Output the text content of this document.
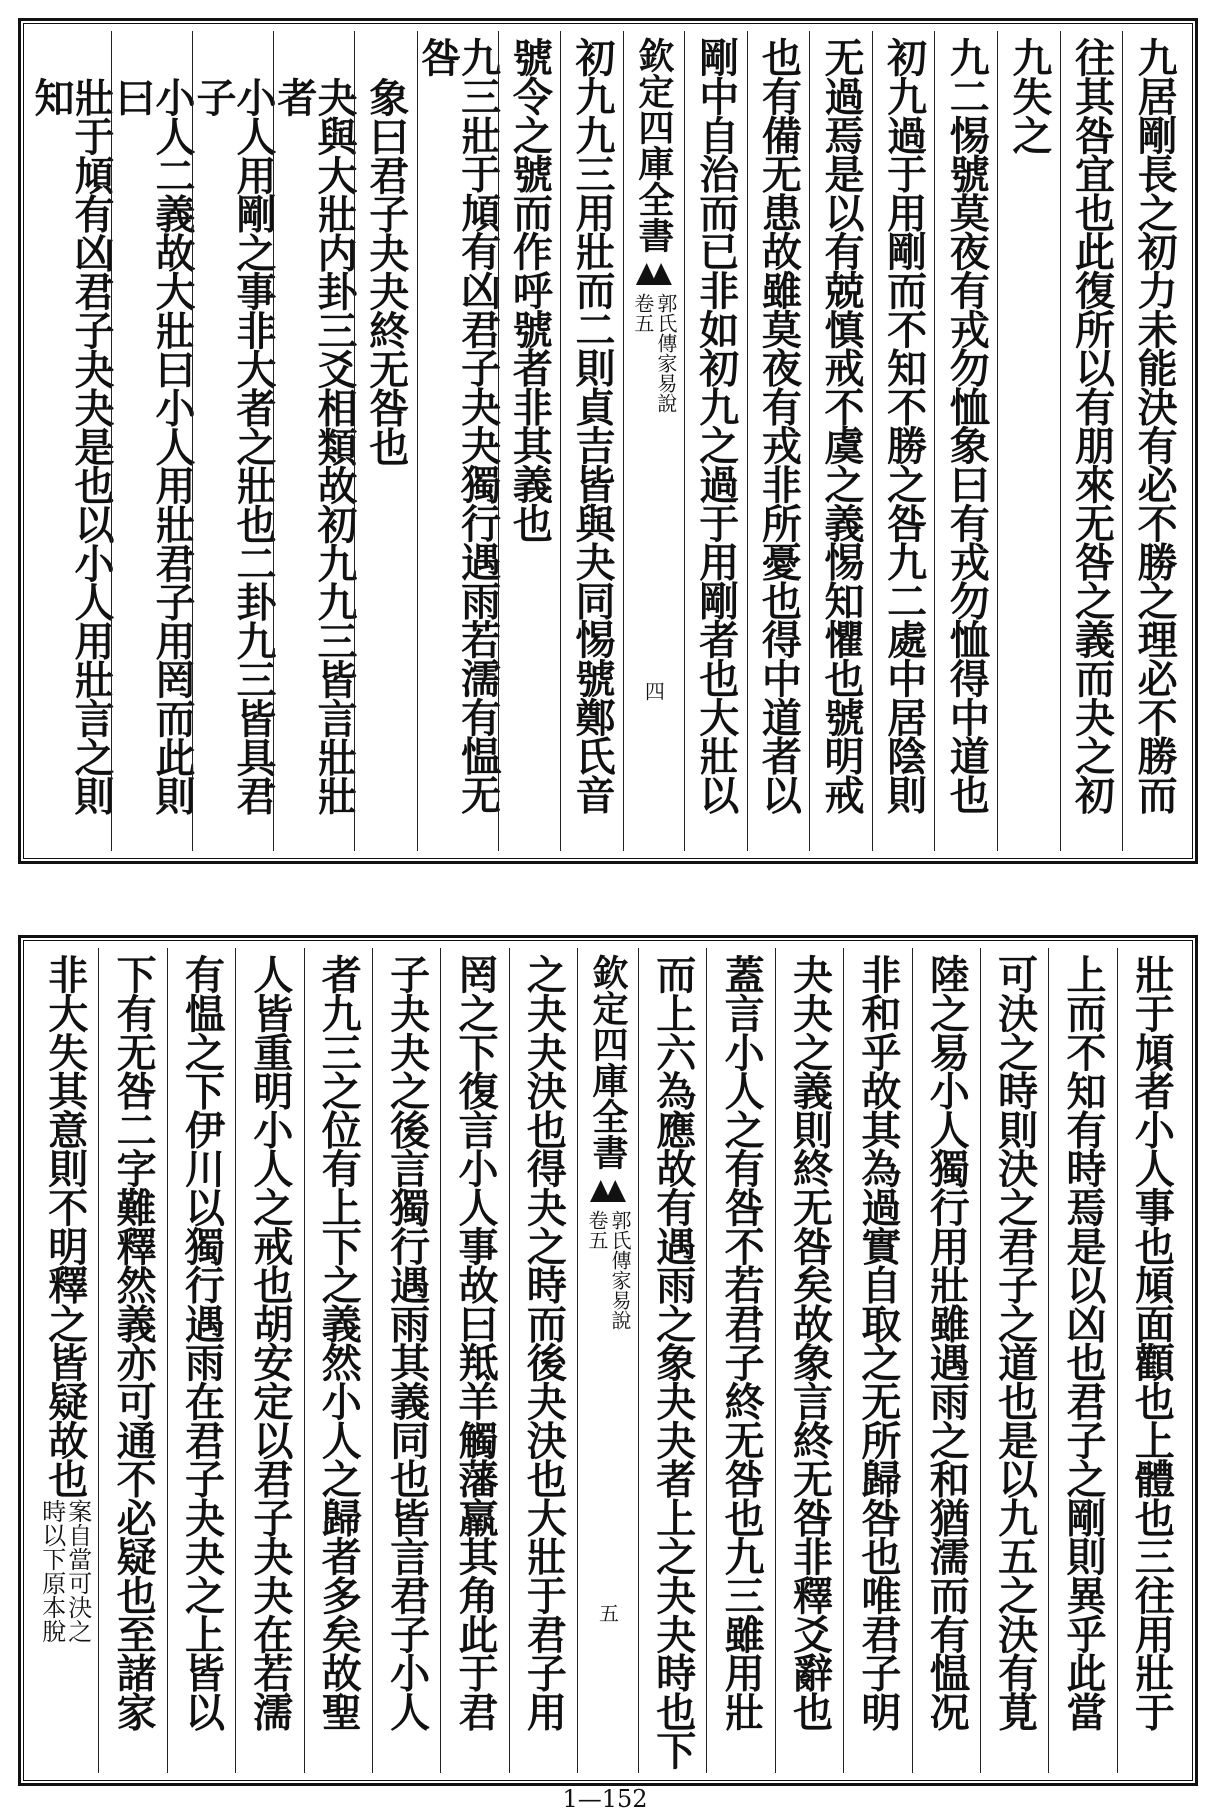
九居剛長之初力未能決有必不勝之理必不勝而
往其咎宜也此復所以有朋來无咎之義而夬之初
九失之
九二惕號莫夜有戎勿恤象曰有戎勿恤得中道也
初九過于用剛而不知不勝之咎九二處中居陰則
无過焉是以有兢慎戒不虞之義惕知懼也號明戒
也有備无患故雖莫夜有戎非所憂也得中道者以
剛中自治而已非如初九之過于用剛者也大壯以
欽定四庫全書
郭氏傳家易說
卷五
四
初九九三用壯而二則貞吉皆與夬同惕號鄭氏音
號令之號而作呼號者非其義也
九三壯于頄有凶君子夬夬獨行遇雨若濡有愠无咎
象曰君子夬夬終无咎也
夬與大壯内卦三爻相類故初九九三皆言壯壯者
小人用剛之事非大者之壯也二卦九三皆具君子
小人二義故大壯曰小人用壯君子用罔而此則曰
壯于頄有凶君子夬夬是也以小人用壯言之則知
壯于頄者小人事也頄面顴也上體也三往用壯于
上而不知有時焉是以凶也君子之剛則異乎此當
可決之時則決之君子之道也是以九五之決有莧
陸之易小人獨行用壯雖遇雨之和猶濡而有愠况
非和乎故其為過實自取之无所歸咎也唯君子明
夬夬之義則終无咎矣故象言終无咎非釋爻辭也
蓋言小人之有咎不若君子終无咎也九三雖用壯
而上六為應故有遇雨之象夬夬者上之夬夬時也下
欽定四庫全書
郭氏傳家易說
卷五
五
之夬夬決也得夬之時而後夬決也大壯于君子用
罔之下復言小人事故曰羝羊觸藩羸其角此于君
子夬夬之後言獨行遇雨其義同也皆言君子小人
者九三之位有上下之義然小人之歸者多矣故聖
人皆重明小人之戒也胡安定以君子夬夬在若濡
有愠之下伊川以獨行遇雨在君子夬夬之上皆以
下有无咎二字難釋然義亦可通不必疑也至諸家
非大失其意則不明釋之皆疑故也
案自當可決之
時以下原本脫
1—152
